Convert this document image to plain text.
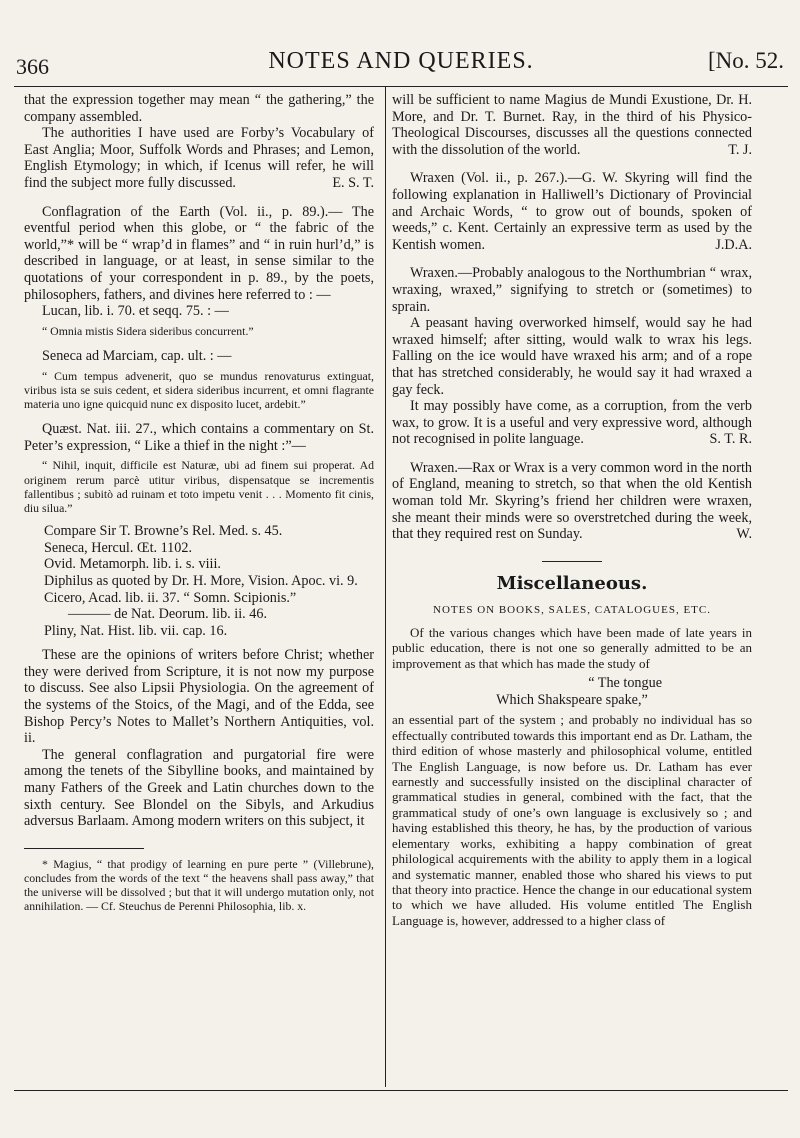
366	NOTES AND QUERIES.	[No. 52.

that the expression together may mean “ the gathering,” the company assembled.

The authorities I have used are Forby’s Vocabulary of East Anglia; Moor, Suffolk Words and Phrases; and Lemon, English Etymology; in which, if Icenus will refer, he will find the subject more fully discussed.	E. S. T.

Conflagration of the Earth (Vol. ii., p. 89.).— The eventful period when this globe, or “ the fabric of the world,”* will be “ wrap’d in flames” and “ in ruin hurl’d,” is described in language, or at least, in sense similar to the quotations of your correspondent in p. 89., by the poets, philosophers, fathers, and divines here referred to : —

Lucan, lib. i. 70. et seqq. 75. : —

“ Omnia mistis Sidera sideribus concurrent.”

Seneca ad Marciam, cap. ult. : —

“ Cum tempus advenerit, quo se mundus renovaturus extinguat, viribus ista se suis cedent, et sidera sideribus incurrent, et omni flagrante materia uno igne quicquid nunc ex disposito lucet, ardebit.”

Quæst. Nat. iii. 27., which contains a commentary on St. Peter’s expression, “ Like a thief in the night :”—

“ Nihil, inquit, difficile est Naturæ, ubi ad finem sui properat. Ad originem rerum parcè utitur viribus, dispensatque se incrementis fallentibus ; subitò ad ruinam et toto impetu venit . . . Momento fit cinis, diu silua.”

Compare Sir T. Browne’s Rel. Med. s. 45.

Seneca, Hercul. Œt. 1102.

Ovid. Metamorph. lib. i. s. viii.

Diphilus as quoted by Dr. H. More, Vision. Apoc. vi. 9.

Cicero, Acad. lib. ii. 37. “ Somn. Scipionis.”

——— de Nat. Deorum. lib. ii. 46.

Pliny, Nat. Hist. lib. vii. cap. 16.

These are the opinions of writers before Christ; whether they were derived from Scripture, it is not now my purpose to discuss. See also Lipsii Physiologia. On the agreement of the systems of the Stoics, of the Magi, and of the Edda, see Bishop Percy’s Notes to Mallet’s Northern Antiquities, vol. ii.

The general conflagration and purgatorial fire were among the tenets of the Sibylline books, and maintained by many Fathers of the Greek and Latin churches down to the sixth century. See Blondel on the Sibyls, and Arkudius adversus Barlaam. Among modern writers on this subject, it

* Magius, “ that prodigy of learning en pure perte ” (Villebrune), concludes from the words of the text “ the heavens shall pass away,” that the universe will be dissolved ; but that it will undergo mutation only, not annihilation. — Cf. Steuchus de Perenni Philosophia, lib. x.

will be sufficient to name Magius de Mundi Exustione, Dr. H. More, and Dr. T. Burnet. Ray, in the third of his Physico-Theological Discourses, discusses all the questions connected with the dissolution of the world.	T. J.

Wraxen (Vol. ii., p. 267.).—G. W. Skyring will find the following explanation in Halliwell’s Dictionary of Provincial and Archaic Words, “ to grow out of bounds, spoken of weeds,” c. Kent. Certainly an expressive term as used by the Kentish women.	J.D.A.

Wraxen.—Probably analogous to the Northumbrian “ wrax, wraxing, wraxed,” signifying to stretch or (sometimes) to sprain.

A peasant having overworked himself, would say he had wraxed himself; after sitting, would walk to wrax his legs. Falling on the ice would have wraxed his arm; and of a rope that has stretched considerably, he would say it had wraxed a gay feck.

It may possibly have come, as a corruption, from the verb wax, to grow. It is a useful and very expressive word, although not recognised in polite language.	S. T. R.

Wraxen.—Rax or Wrax is a very common word in the north of England, meaning to stretch, so that when the old Kentish woman told Mr. Skyring’s friend her children were wraxen, she meant their minds were so overstretched during the week, that they required rest on Sunday.	W.

Miscellaneous.
NOTES ON BOOKS, SALES, CATALOGUES, ETC.

Of the various changes which have been made of late years in public education, there is not one so generally admitted to be an improvement as that which has made the study of

“ The tongue

Which Shakspeare spake,”

an essential part of the system ; and probably no individual has so effectually contributed towards this important end as Dr. Latham, the third edition of whose masterly and philosophical volume, entitled The English Language, is now before us. Dr. Latham has ever earnestly and successfully insisted on the disciplinal character of grammatical studies in general, combined with the fact, that the grammatical study of one’s own language is exclusively so ; and having established this theory, he has, by the production of various elementary works, exhibiting a happy combination of great philological acquirements with the ability to apply them in a logical and systematic manner, enabled those who shared his views to put that theory into practice. Hence the change in our educational system to which we have alluded. His volume entitled The English Language is, however, addressed to a higher class of
